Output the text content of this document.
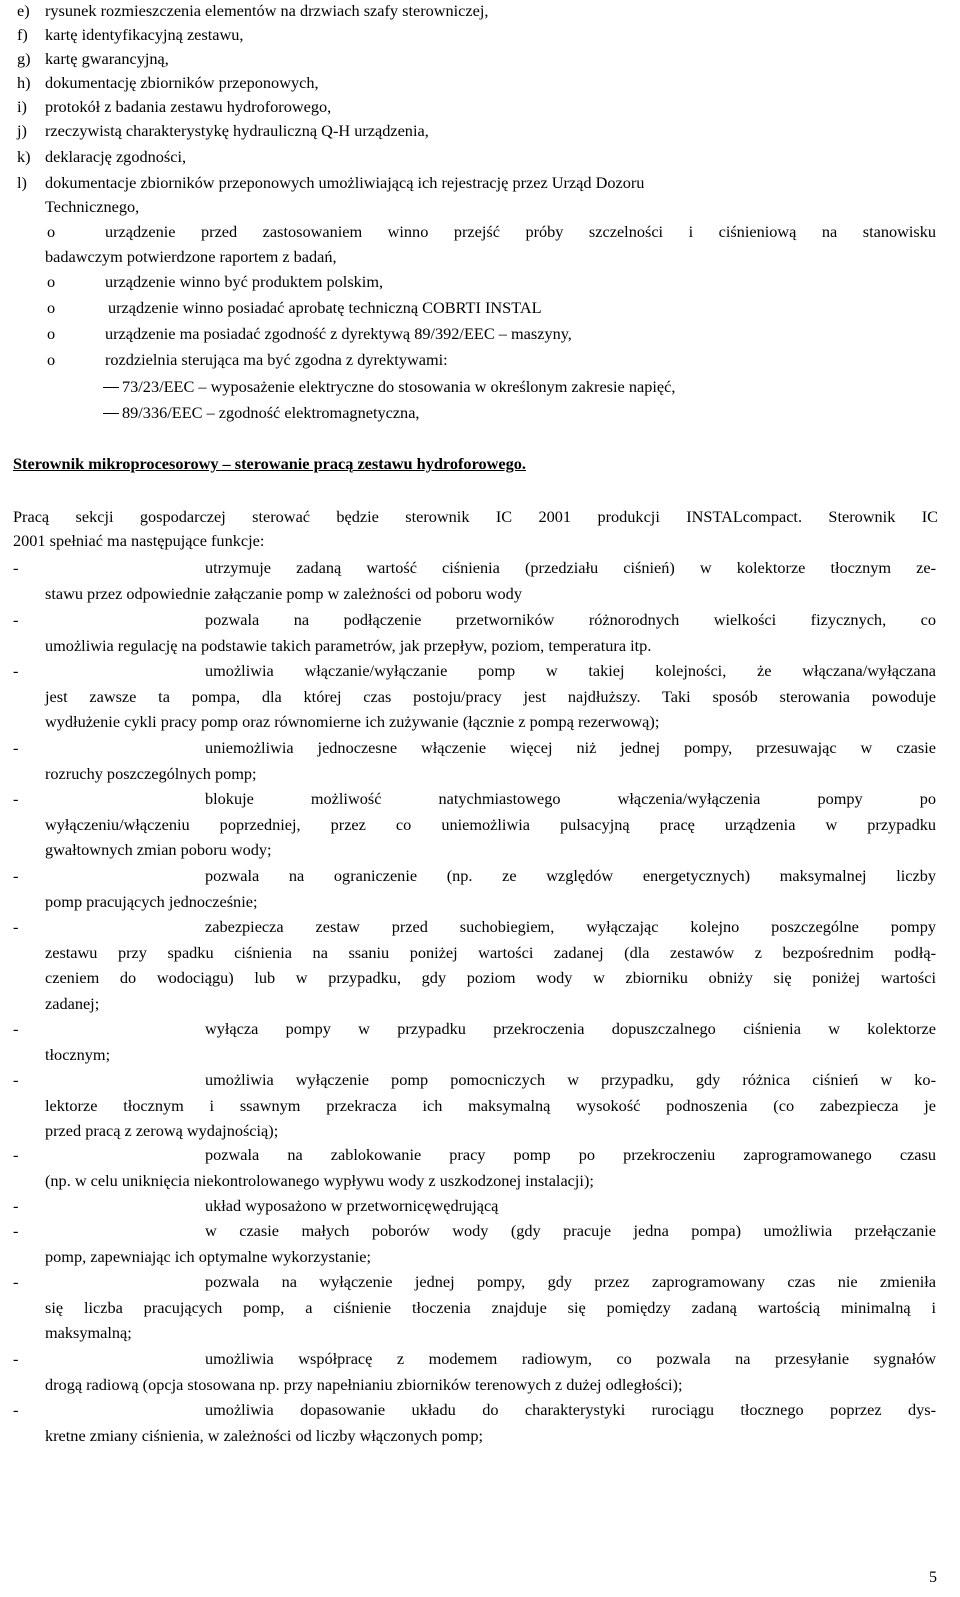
e) rysunek rozmieszczenia elementów na drzwiach szafy sterowniczej,
f) kartę identyfikacyjną zestawu,
g) kartę gwarancyjną,
h) dokumentację zbiorników przeponowych,
i) protokół z badania zestawu hydroforowego,
j) rzeczywistą charakterystykę hydrauliczną Q-H urządzenia,
k) deklarację zgodności,
l) dokumentacje zbiorników przeponowych umożliwiającą ich rejestrację przez Urząd Dozoru
Technicznego,
o	urządzenie przed zastosowaniem winno przejść próby szczelności i ciśnieniową na stanowisku
badawczym potwierdzone raportem z badań,
o	urządzenie winno być produktem polskim,
o	urządzenie winno posiadać aprobatę techniczną COBRTI INSTAL
o	urządzenie ma posiadać zgodność z dyrektywą 89/392/EEC – maszyny,
o	rozdzielnia sterująca ma być zgodna z dyrektywami:
73/23/EEC – wyposażenie elektryczne do stosowania w określonym zakresie napięć,
89/336/EEC – zgodność elektromagnetyczna,
Sterownik mikroprocesorowy – sterowanie pracą zestawu hydroforowego.
Pracą sekcji gospodarczej sterować będzie sterownik IC 2001 produkcji INSTALcompact. Sterownik IC
2001 spełniać ma następujące funkcje:
-	utrzymuje zadaną wartość ciśnienia (przedziału ciśnień) w kolektorze tłocznym ze-
stawu przez odpowiednie załączanie pomp w zależności od poboru wody
-	pozwala na podłączenie przetworników różnorodnych wielkości fizycznych, co
umożliwia regulację na podstawie takich parametrów, jak przepływ, poziom, temperatura itp.
-	umożliwia włączanie/wyłączanie pomp w takiej kolejności, że włączana/wyłączana
jest zawsze ta pompa, dla której czas postoju/pracy jest najdłuższy. Taki sposób sterowania powoduje
wydłużenie cykli pracy pomp oraz równomierne ich zużywanie (łącznie z pompą rezerwową);
-	uniemożliwia jednoczesne włączenie więcej niż jednej pompy, przesuwając w czasie
rozruchy poszczególnych pomp;
-	blokuje możliwość natychmiastowego włączenia/wyłączenia pompy po
wyłączeniu/włączeniu poprzedniej, przez co uniemożliwia pulsacyjną pracę urządzenia w przypadku
gwałtownych zmian poboru wody;
-	pozwala na ograniczenie (np. ze względów energetycznych) maksymalnej liczby
pomp pracujących jednocześnie;
-	zabezpiecza zestaw przed suchobiegiem, wyłączając kolejno poszczególne pompy
zestawu przy spadku ciśnienia na ssaniu poniżej wartości zadanej (dla zestawów z bezpośrednim podłą-
czeniem do wodociągu) lub w przypadku, gdy poziom wody w zbiorniku obniży się poniżej wartości
zadanej;
-	wyłącza pompy w przypadku przekroczenia dopuszczalnego ciśnienia w kolektorze
tłocznym;
-	umożliwia wyłączenie pomp pomocniczych w przypadku, gdy różnica ciśnień w ko-
lektorze tłocznym i ssawnym przekracza ich maksymalną wysokość podnoszenia (co zabezpiecza je
przed pracą z zerową wydajnością);
-	pozwala na zablokowanie pracy pomp po przekroczeniu zaprogramowanego czasu
(np. w celu uniknięcia niekontrolowanego wypływu wody z uszkodzonej instalacji);
-	układ wyposażono w przetwornicęwędrującą
-	w czasie małych poborów wody (gdy pracuje jedna pompa) umożliwia przełączanie
pomp, zapewniając ich optymalne wykorzystanie;
-	pozwala na wyłączenie jednej pompy, gdy przez zaprogramowany czas nie zmieniła
się liczba pracujących pomp, a ciśnienie tłoczenia znajduje się pomiędzy zadaną wartością minimalną i
maksymalną;
-	umożliwia współpracę z modemem radiowym, co pozwala na przesyłanie sygnałów
drogą radiową (opcja stosowana np. przy napełnianiu zbiorników terenowych z dużej odległości);
-	umożliwia dopasowanie układu do charakterystyki rurociągu tłocznego poprzez dys-
kretne zmiany ciśnienia, w zależności od liczby włączonych pomp;
5
